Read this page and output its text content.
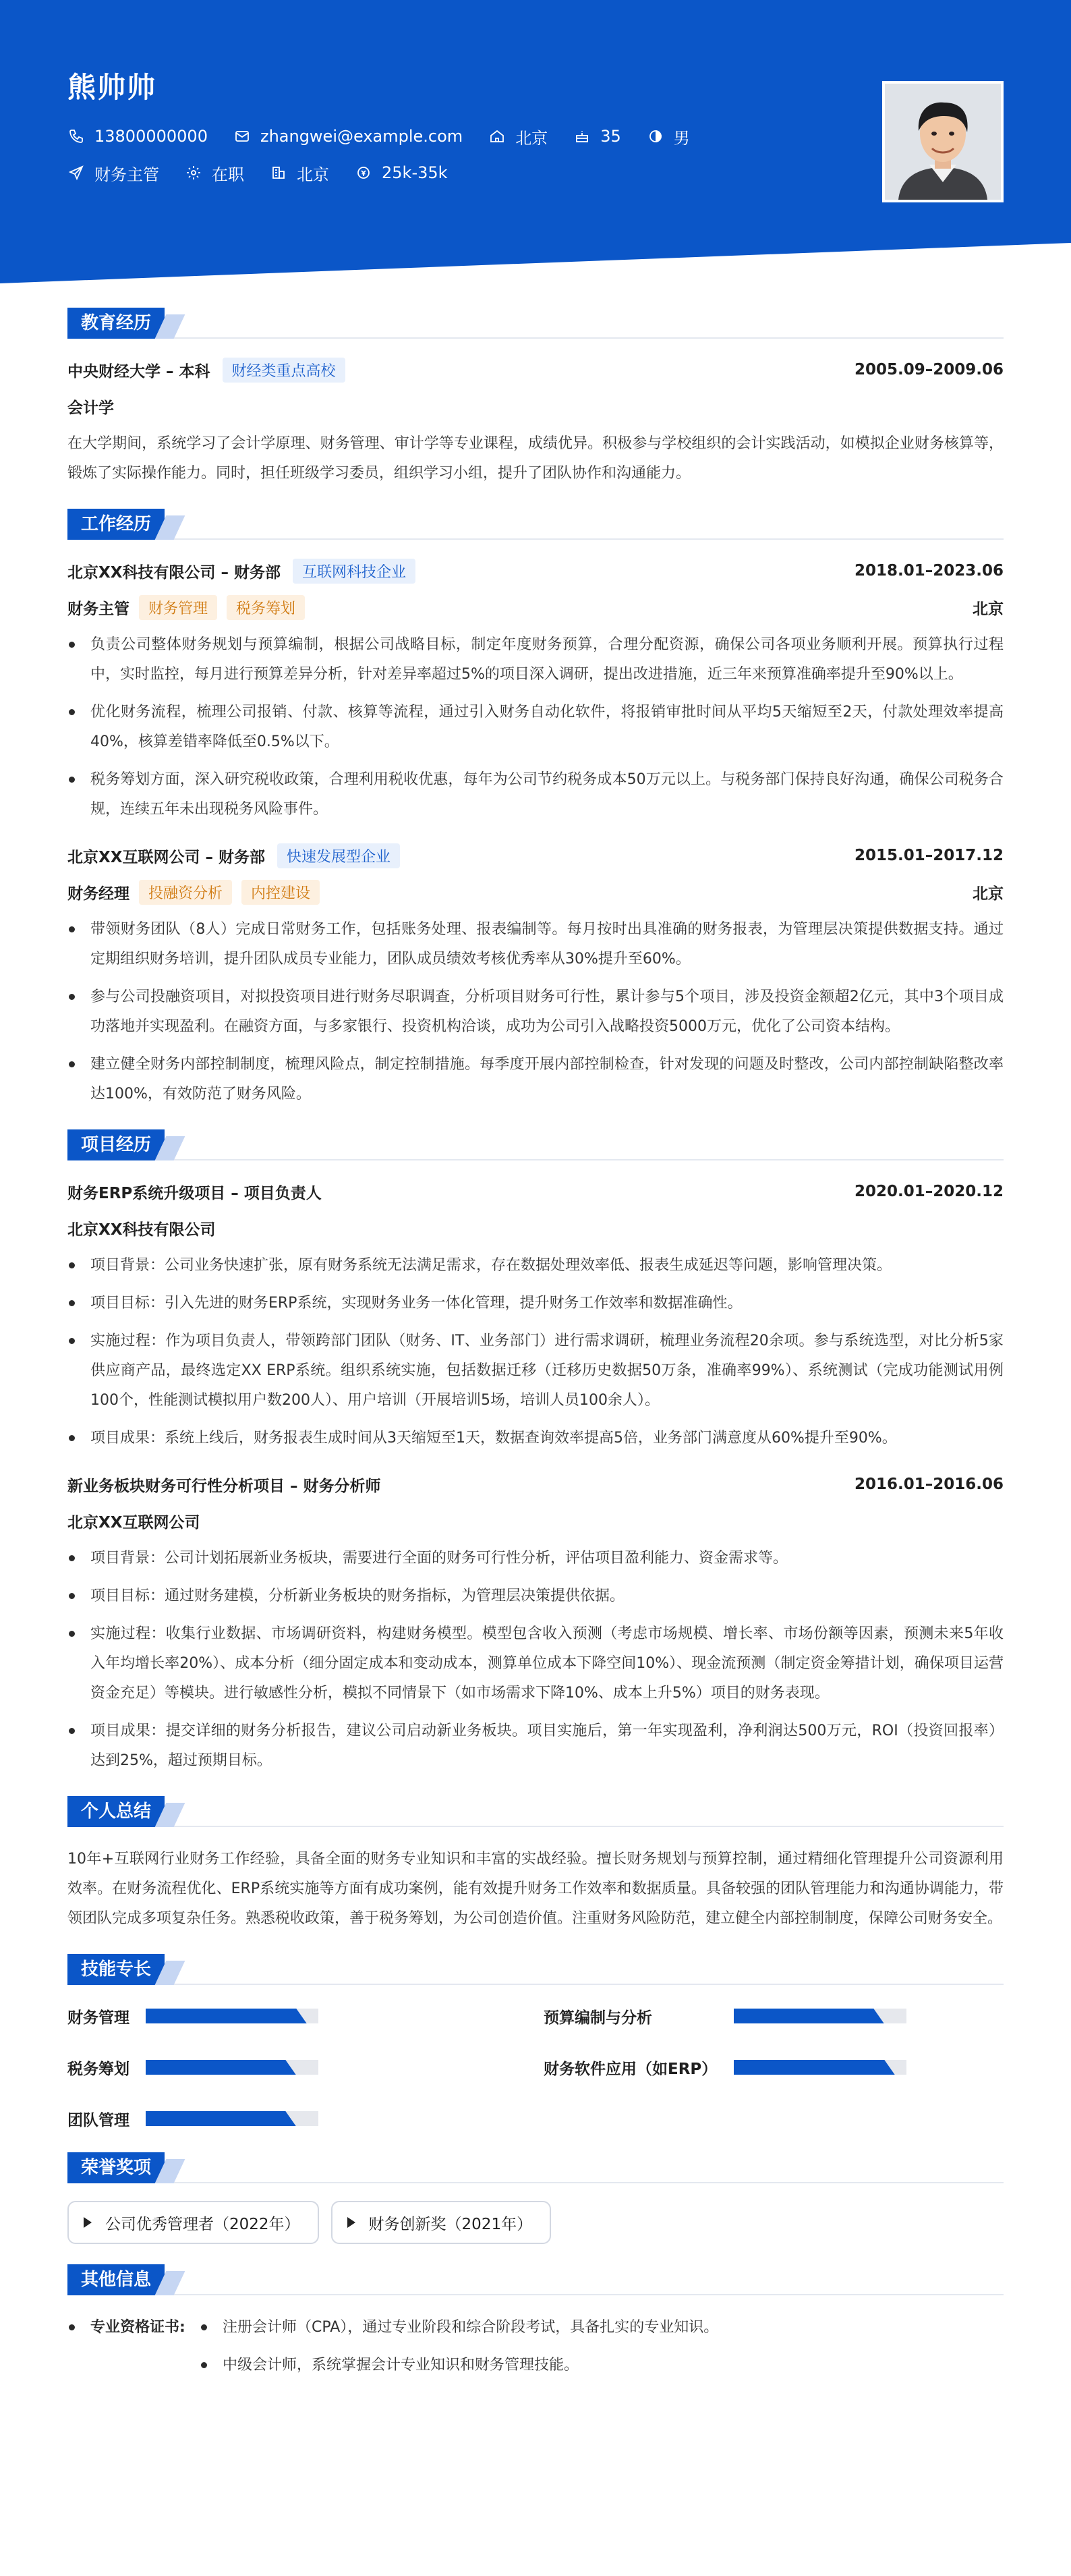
熊帅帅
13800000000	zhangwei@example.com	北京	35	男
财务主管	在职	北京	25k-35k
教育经历
中央财经大学 – 本科	财经类重点高校	2005.09–2009.06
会计学
在大学期间，系统学习了会计学原理、财务管理、审计学等专业课程，成绩优异。积极参与学校组织的会计实践活动，如模拟企业财务核算等，锻炼了实际操作能力。同时，担任班级学习委员，组织学习小组，提升了团队协作和沟通能力。
工作经历
北京XX科技有限公司 – 财务部	互联网科技企业	2018.01–2023.06
财务主管	财务管理	税务筹划	北京
负责公司整体财务规划与预算编制，根据公司战略目标，制定年度财务预算，合理分配资源，确保公司各项业务顺利开展。预算执行过程中，实时监控，每月进行预算差异分析，针对差异率超过5%的项目深入调研，提出改进措施，近三年来预算准确率提升至90%以上。
优化财务流程，梳理公司报销、付款、核算等流程，通过引入财务自动化软件，将报销审批时间从平均5天缩短至2天，付款处理效率提高40%，核算差错率降低至0.5%以下。
税务筹划方面，深入研究税收政策，合理利用税收优惠，每年为公司节约税务成本50万元以上。与税务部门保持良好沟通，确保公司税务合规，连续五年未出现税务风险事件。
北京XX互联网公司 – 财务部	快速发展型企业	2015.01–2017.12
财务经理	投融资分析	内控建设	北京
带领财务团队（8人）完成日常财务工作，包括账务处理、报表编制等。每月按时出具准确的财务报表，为管理层决策提供数据支持。通过定期组织财务培训，提升团队成员专业能力，团队成员绩效考核优秀率从30%提升至60%。
参与公司投融资项目，对拟投资项目进行财务尽职调查，分析项目财务可行性，累计参与5个项目，涉及投资金额超2亿元，其中3个项目成功落地并实现盈利。在融资方面，与多家银行、投资机构洽谈，成功为公司引入战略投资5000万元，优化了公司资本结构。
建立健全财务内部控制制度，梳理风险点，制定控制措施。每季度开展内部控制检查，针对发现的问题及时整改，公司内部控制缺陷整改率达100%，有效防范了财务风险。
项目经历
财务ERP系统升级项目 – 项目负责人	2020.01–2020.12
北京XX科技有限公司
项目背景：公司业务快速扩张，原有财务系统无法满足需求，存在数据处理效率低、报表生成延迟等问题，影响管理决策。
项目目标：引入先进的财务ERP系统，实现财务业务一体化管理，提升财务工作效率和数据准确性。
实施过程：作为项目负责人，带领跨部门团队（财务、IT、业务部门）进行需求调研，梳理业务流程20余项。参与系统选型，对比分析5家供应商产品，最终选定XX ERP系统。组织系统实施，包括数据迁移（迁移历史数据50万条，准确率99%）、系统测试（完成功能测试用例100个，性能测试模拟用户数200人）、用户培训（开展培训5场，培训人员100余人）。
项目成果：系统上线后，财务报表生成时间从3天缩短至1天，数据查询效率提高5倍，业务部门满意度从60%提升至90%。
新业务板块财务可行性分析项目 – 财务分析师	2016.01–2016.06
北京XX互联网公司
项目背景：公司计划拓展新业务板块，需要进行全面的财务可行性分析，评估项目盈利能力、资金需求等。
项目目标：通过财务建模，分析新业务板块的财务指标，为管理层决策提供依据。
实施过程：收集行业数据、市场调研资料，构建财务模型。模型包含收入预测（考虑市场规模、增长率、市场份额等因素，预测未来5年收入年均增长率20%）、成本分析（细分固定成本和变动成本，测算单位成本下降空间10%）、现金流预测（制定资金筹措计划，确保项目运营资金充足）等模块。进行敏感性分析，模拟不同情景下（如市场需求下降10%、成本上升5%）项目的财务表现。
项目成果：提交详细的财务分析报告，建议公司启动新业务板块。项目实施后，第一年实现盈利，净利润达500万元，ROI（投资回报率）达到25%，超过预期目标。
个人总结
10年+互联网行业财务工作经验，具备全面的财务专业知识和丰富的实战经验。擅长财务规划与预算控制，通过精细化管理提升公司资源利用效率。在财务流程优化、ERP系统实施等方面有成功案例，能有效提升财务工作效率和数据质量。具备较强的团队管理能力和沟通协调能力，带领团队完成多项复杂任务。熟悉税收政策，善于税务筹划，为公司创造价值。注重财务风险防范，建立健全内部控制制度，保障公司财务安全。
技能专长
财务管理	预算编制与分析
税务筹划	财务软件应用（如ERP）
团队管理
荣誉奖项
公司优秀管理者（2022年）	财务创新奖（2021年）
其他信息
专业资格证书:	注册会计师（CPA），通过专业阶段和综合阶段考试，具备扎实的专业知识。
中级会计师，系统掌握会计专业知识和财务管理技能。
